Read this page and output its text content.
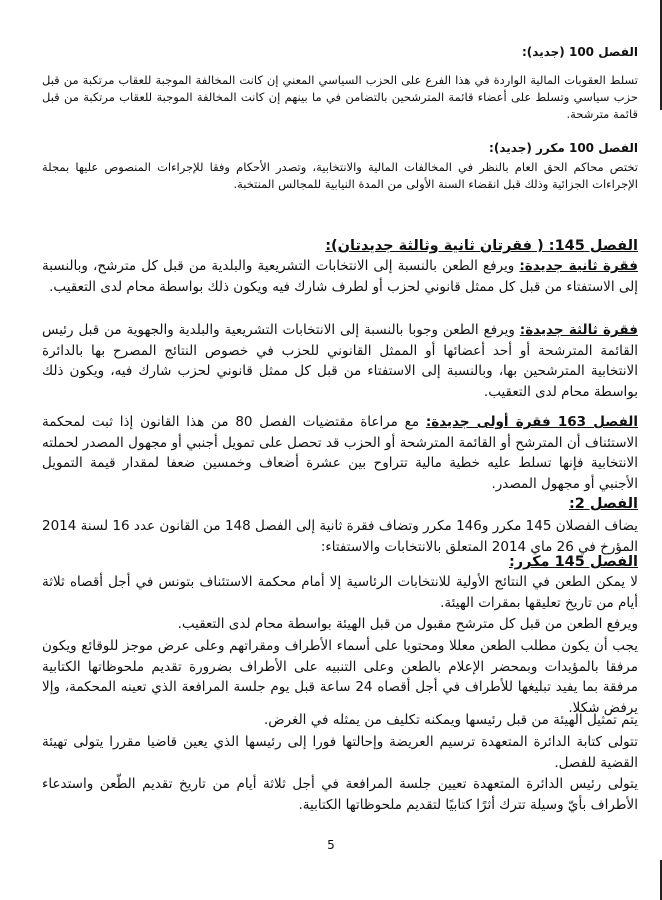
الفصل 100 (جديد):
تسلط العقوبات المالية الواردة في هذا الفرع على الحزب السياسي المعني إن كانت المخالفة الموجبة للعقاب مرتكبة من قبل حزب سياسي وتسلط على أعضاء قائمة المترشحين بالتضامن في ما بينهم إن كانت المخالفة الموجبة للعقاب مرتكبة من قبل قائمة مترشحة.
الفصل 100 مكرر (جديد):
تختص محاكم الحق العام بالنظر في المخالفات المالية والانتخابية، وتصدر الأحكام وفقا للإجراءات المنصوص عليها بمجلة الإجراءات الجزائية وذلك قبل انقضاء السنة الأولى من المدة النيابية للمجالس المنتخبة.
الفصل 145: ( فقرتان ثانية وثالثة جديدتان):
فقرة ثانية جديدة: ويرفع الطعن بالنسبة إلى الانتخابات التشريعية والبلدية من قبل كل مترشح، وبالنسبة إلى الاستفتاء من قبل كل ممثل قانوني لحزب أو لطرف شارك فيه ويكون ذلك بواسطة محام لدى التعقيب.
فقرة ثالثة جديدة: ويرفع الطعن وجوبا بالنسبة إلى الانتخابات التشريعية والبلدية والجهوية من قبل رئيس القائمة المترشحة أو أحد أعضائها أو الممثل القانوني للحزب في خصوص النتائج المصرح بها بالدائرة الانتخابية المترشحين بها، وبالنسبة إلى الاستفتاء من قبل كل ممثل قانوني لحزب شارك فيه، ويكون ذلك بواسطة محام لدى التعقيب.
الفصل 163 فقرة أولى جديدة: مع مراعاة مقتضيات الفصل 80 من هذا القانون إذا ثبت لمحكمة الاستئناف أن المترشح أو القائمة المترشحة أو الحزب قد تحصل على تمويل أجنبي أو مجهول المصدر لحملته الانتخابية فإنها تسلط عليه خطية مالية تتراوح بين عشرة أضعاف وخمسين ضعفا لمقدار قيمة التمويل الأجنبي أو مجهول المصدر.
الفصل 2:
يضاف الفصلان 145 مكرر و146 مكرر وتضاف فقرة ثانية إلى الفصل 148 من القانون عدد 16 لسنة 2014 المؤرخ في 26 ماي 2014 المتعلق بالانتخابات والاستفتاء:
الفصل 145 مكرر:
لا يمكن الطعن في النتائج الأولية للانتخابات الرئاسية إلا أمام محكمة الاستئناف بتونس في أجل أقصاه ثلاثة أيام من تاريخ تعليقها بمقرات الهيئة.
ويرفع الطعن من قبل كل مترشح مقبول من قبل الهيئة بواسطة محام لدى التعقيب.
يجب أن يكون مطلب الطعن معللا ومحتويا على أسماء الأطراف ومقراتهم وعلى عرض موجز للوقائع ويكون مرفقا بالمؤيدات وبمحضر الإعلام بالطعن وعلى التنبيه على الأطراف بضرورة تقديم ملحوظاتها الكتابية مرفقة بما يفيد تبليغها للأطراف في أجل أقصاه 24 ساعة قبل يوم جلسة المرافعة الذي تعينه المحكمة، وإلا يرفض شكلا.
يتم تمثيل الهيئة من قبل رئيسها ويمكنه تكليف من يمثله في الغرض.
تتولى كتابة الدائرة المتعهدة ترسيم العريضة وإحالتها فورا إلى رئيسها الذي يعين قاضيا مقررا يتولى تهيئة القضية للفصل.
يتولى رئيس الدائرة المتعهدة تعيين جلسة المرافعة في أجل ثلاثة أيام من تاريخ تقديم الطّعن واستدعاء الأطراف بأيّ وسيلة تترك أثرًا كتابيًا لتقديم ملحوظاتها الكتابية.
5
